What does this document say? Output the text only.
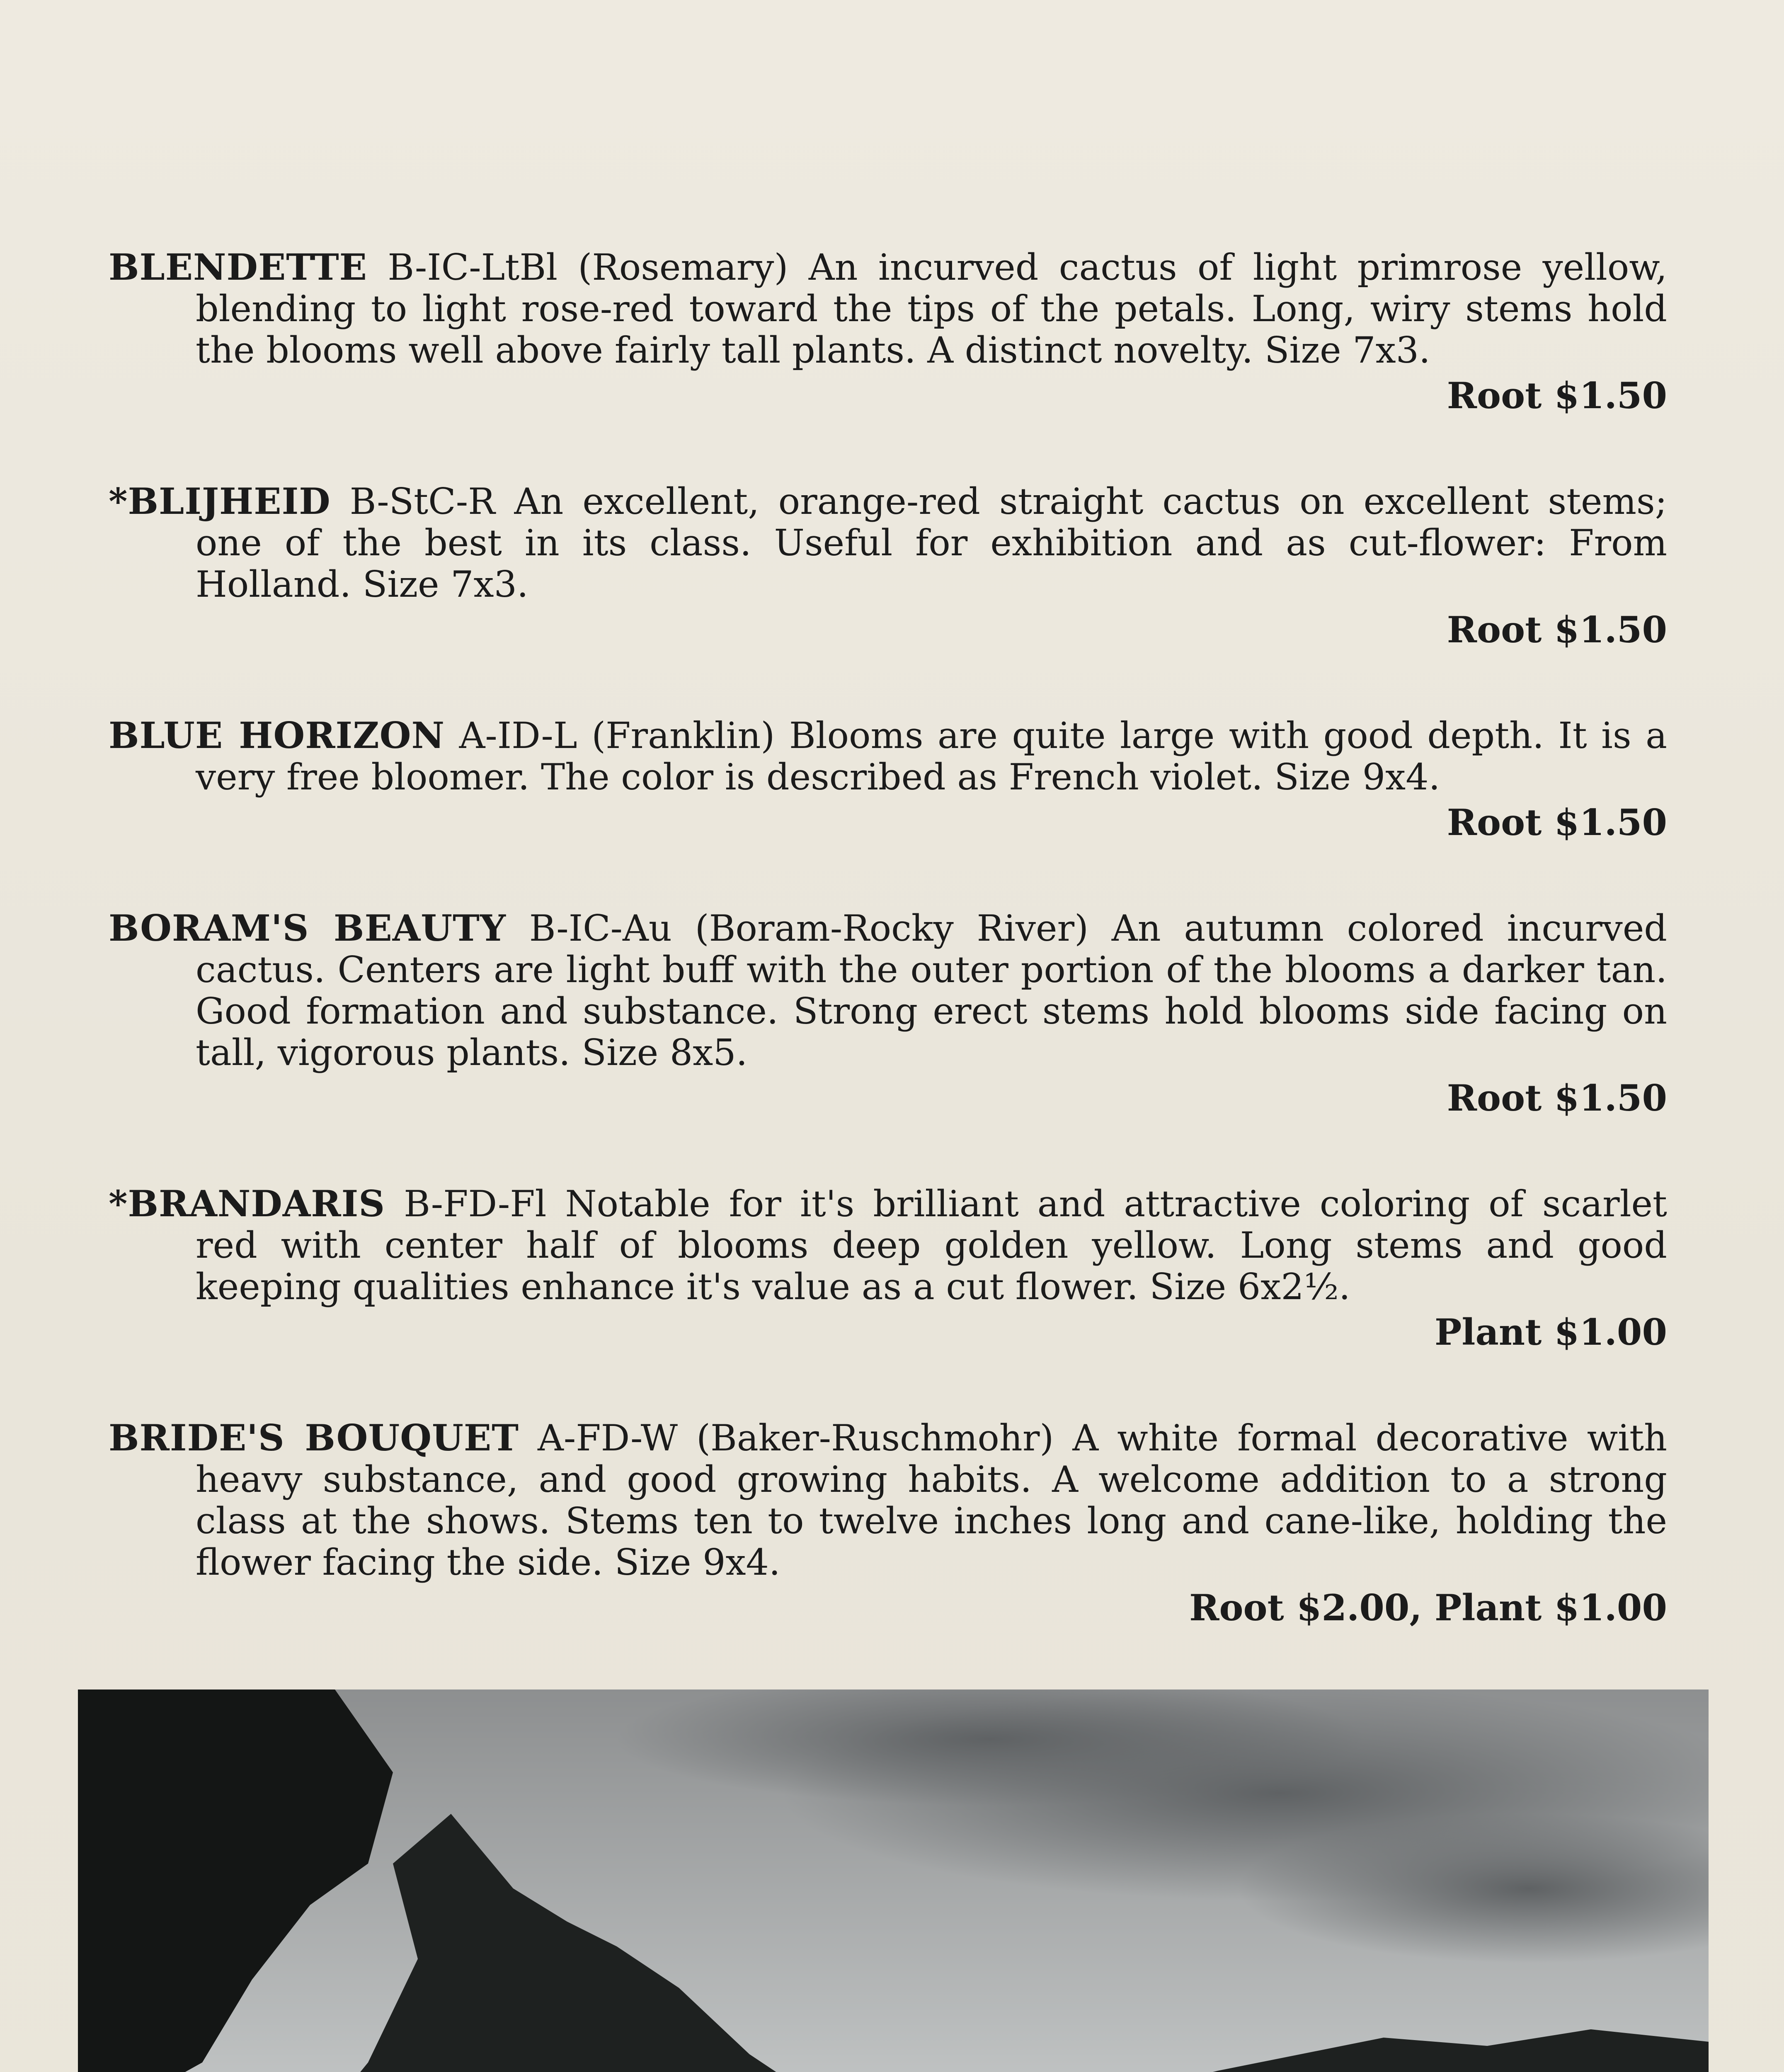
BLENDETTE B-IC-LtBl (Rosemary) An incurved cactus of light primrose yellow, blending to light rose-red toward the tips of the petals. Long, wiry stems hold the blooms well above fairly tall plants. A distinct novelty. Size 7x3.

Root $1.50

*BLIJHEID B-StC-R An excellent, orange-red straight cactus on excellent stems; one of the best in its class. Useful for exhibition and as cut-flower: From Holland. Size 7x3.

Root $1.50

BLUE HORIZON A-ID-L (Franklin) Blooms are quite large with good depth. It is a very free bloomer. The color is described as French violet. Size 9x4.

Root $1.50

BORAM'S BEAUTY B-IC-Au (Boram-Rocky River) An autumn colored incurved cactus. Centers are light buff with the outer portion of the blooms a darker tan. Good formation and substance. Strong erect stems hold blooms side facing on tall, vigorous plants. Size 8x5.

Root $1.50

*BRANDARIS B-FD-Fl Notable for it's brilliant and attractive coloring of scarlet red with center half of blooms deep golden yellow. Long stems and good keeping qualities enhance it's value as a cut flower. Size 6x2½.

Plant $1.00

BRIDE'S BOUQUET A-FD-W (Baker-Ruschmohr) A white formal decorative with heavy substance, and good growing habits. A welcome addition to a strong class at the shows. Stems ten to twelve inches long and cane-like, holding the flower facing the side. Size 9x4.

Root $2.00, Plant $1.00
